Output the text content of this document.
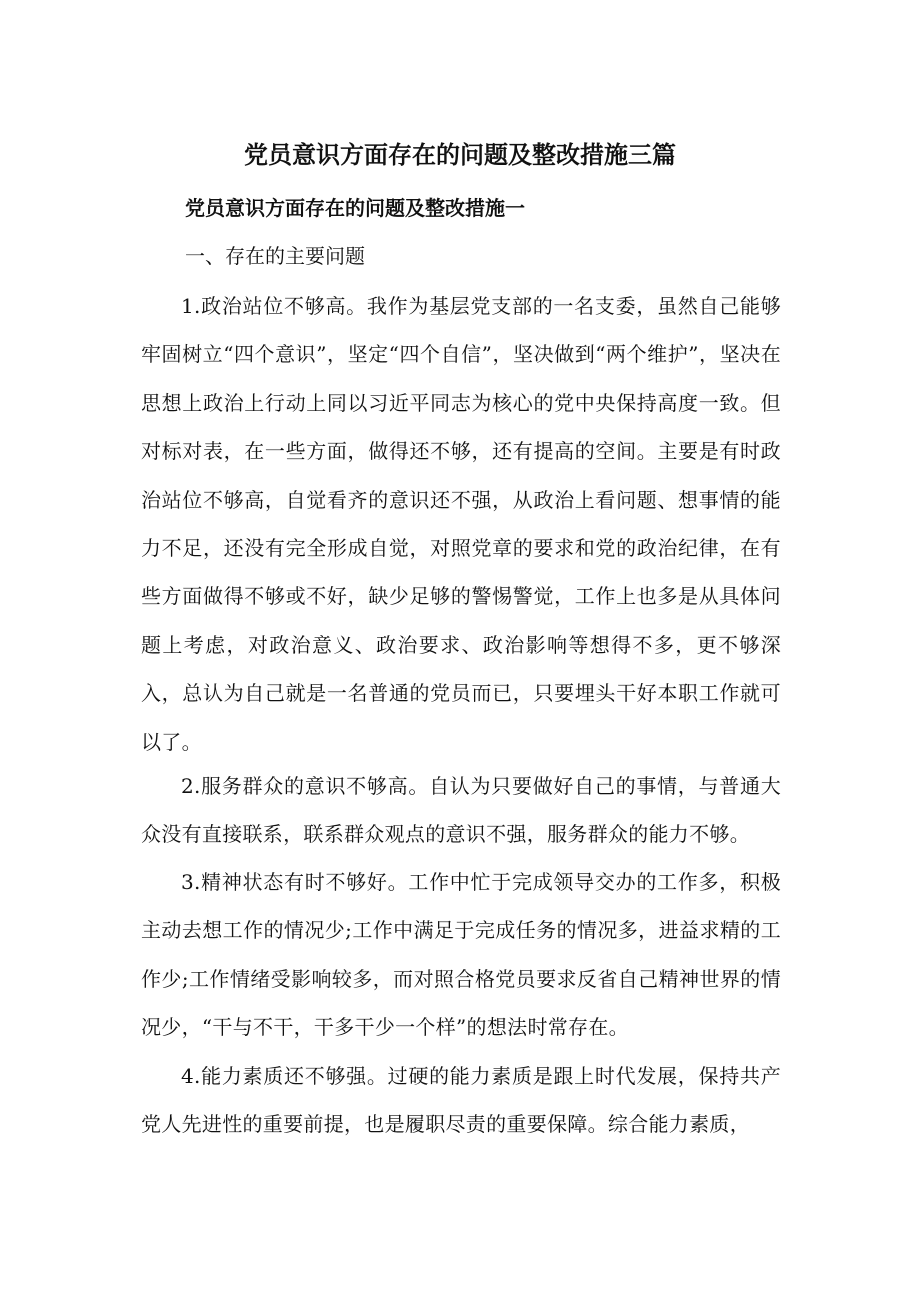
党员意识方面存在的问题及整改措施三篇
党员意识方面存在的问题及整改措施一

一、存在的主要问题

1.政治站位不够高。我作为基层党支部的一名支委，虽然自己能够牢固树立“四个意识”，坚定“四个自信”，坚决做到“两个维护”，坚决在思想上政治上行动上同以习近平同志为核心的党中央保持高度一致。但对标对表，在一些方面，做得还不够，还有提高的空间。主要是有时政治站位不够高，自觉看齐的意识还不强，从政治上看问题、想事情的能力不足，还没有完全形成自觉，对照党章的要求和党的政治纪律，在有些方面做得不够或不好，缺少足够的警惕警觉，工作上也多是从具体问题上考虑，对政治意义、政治要求、政治影响等想得不多，更不够深入，总认为自己就是一名普通的党员而已，只要埋头干好本职工作就可以了。

2.服务群众的意识不够高。自认为只要做好自己的事情，与普通大众没有直接联系，联系群众观点的意识不强，服务群众的能力不够。

3.精神状态有时不够好。工作中忙于完成领导交办的工作多，积极主动去想工作的情况少;工作中满足于完成任务的情况多，进益求精的工作少;工作情绪受影响较多，而对照合格党员要求反省自己精神世界的情况少，“干与不干，干多干少一个样”的想法时常存在。

4.能力素质还不够强。过硬的能力素质是跟上时代发展，保持共产党人先进性的重要前提，也是履职尽责的重要保障。综合能力素质，
